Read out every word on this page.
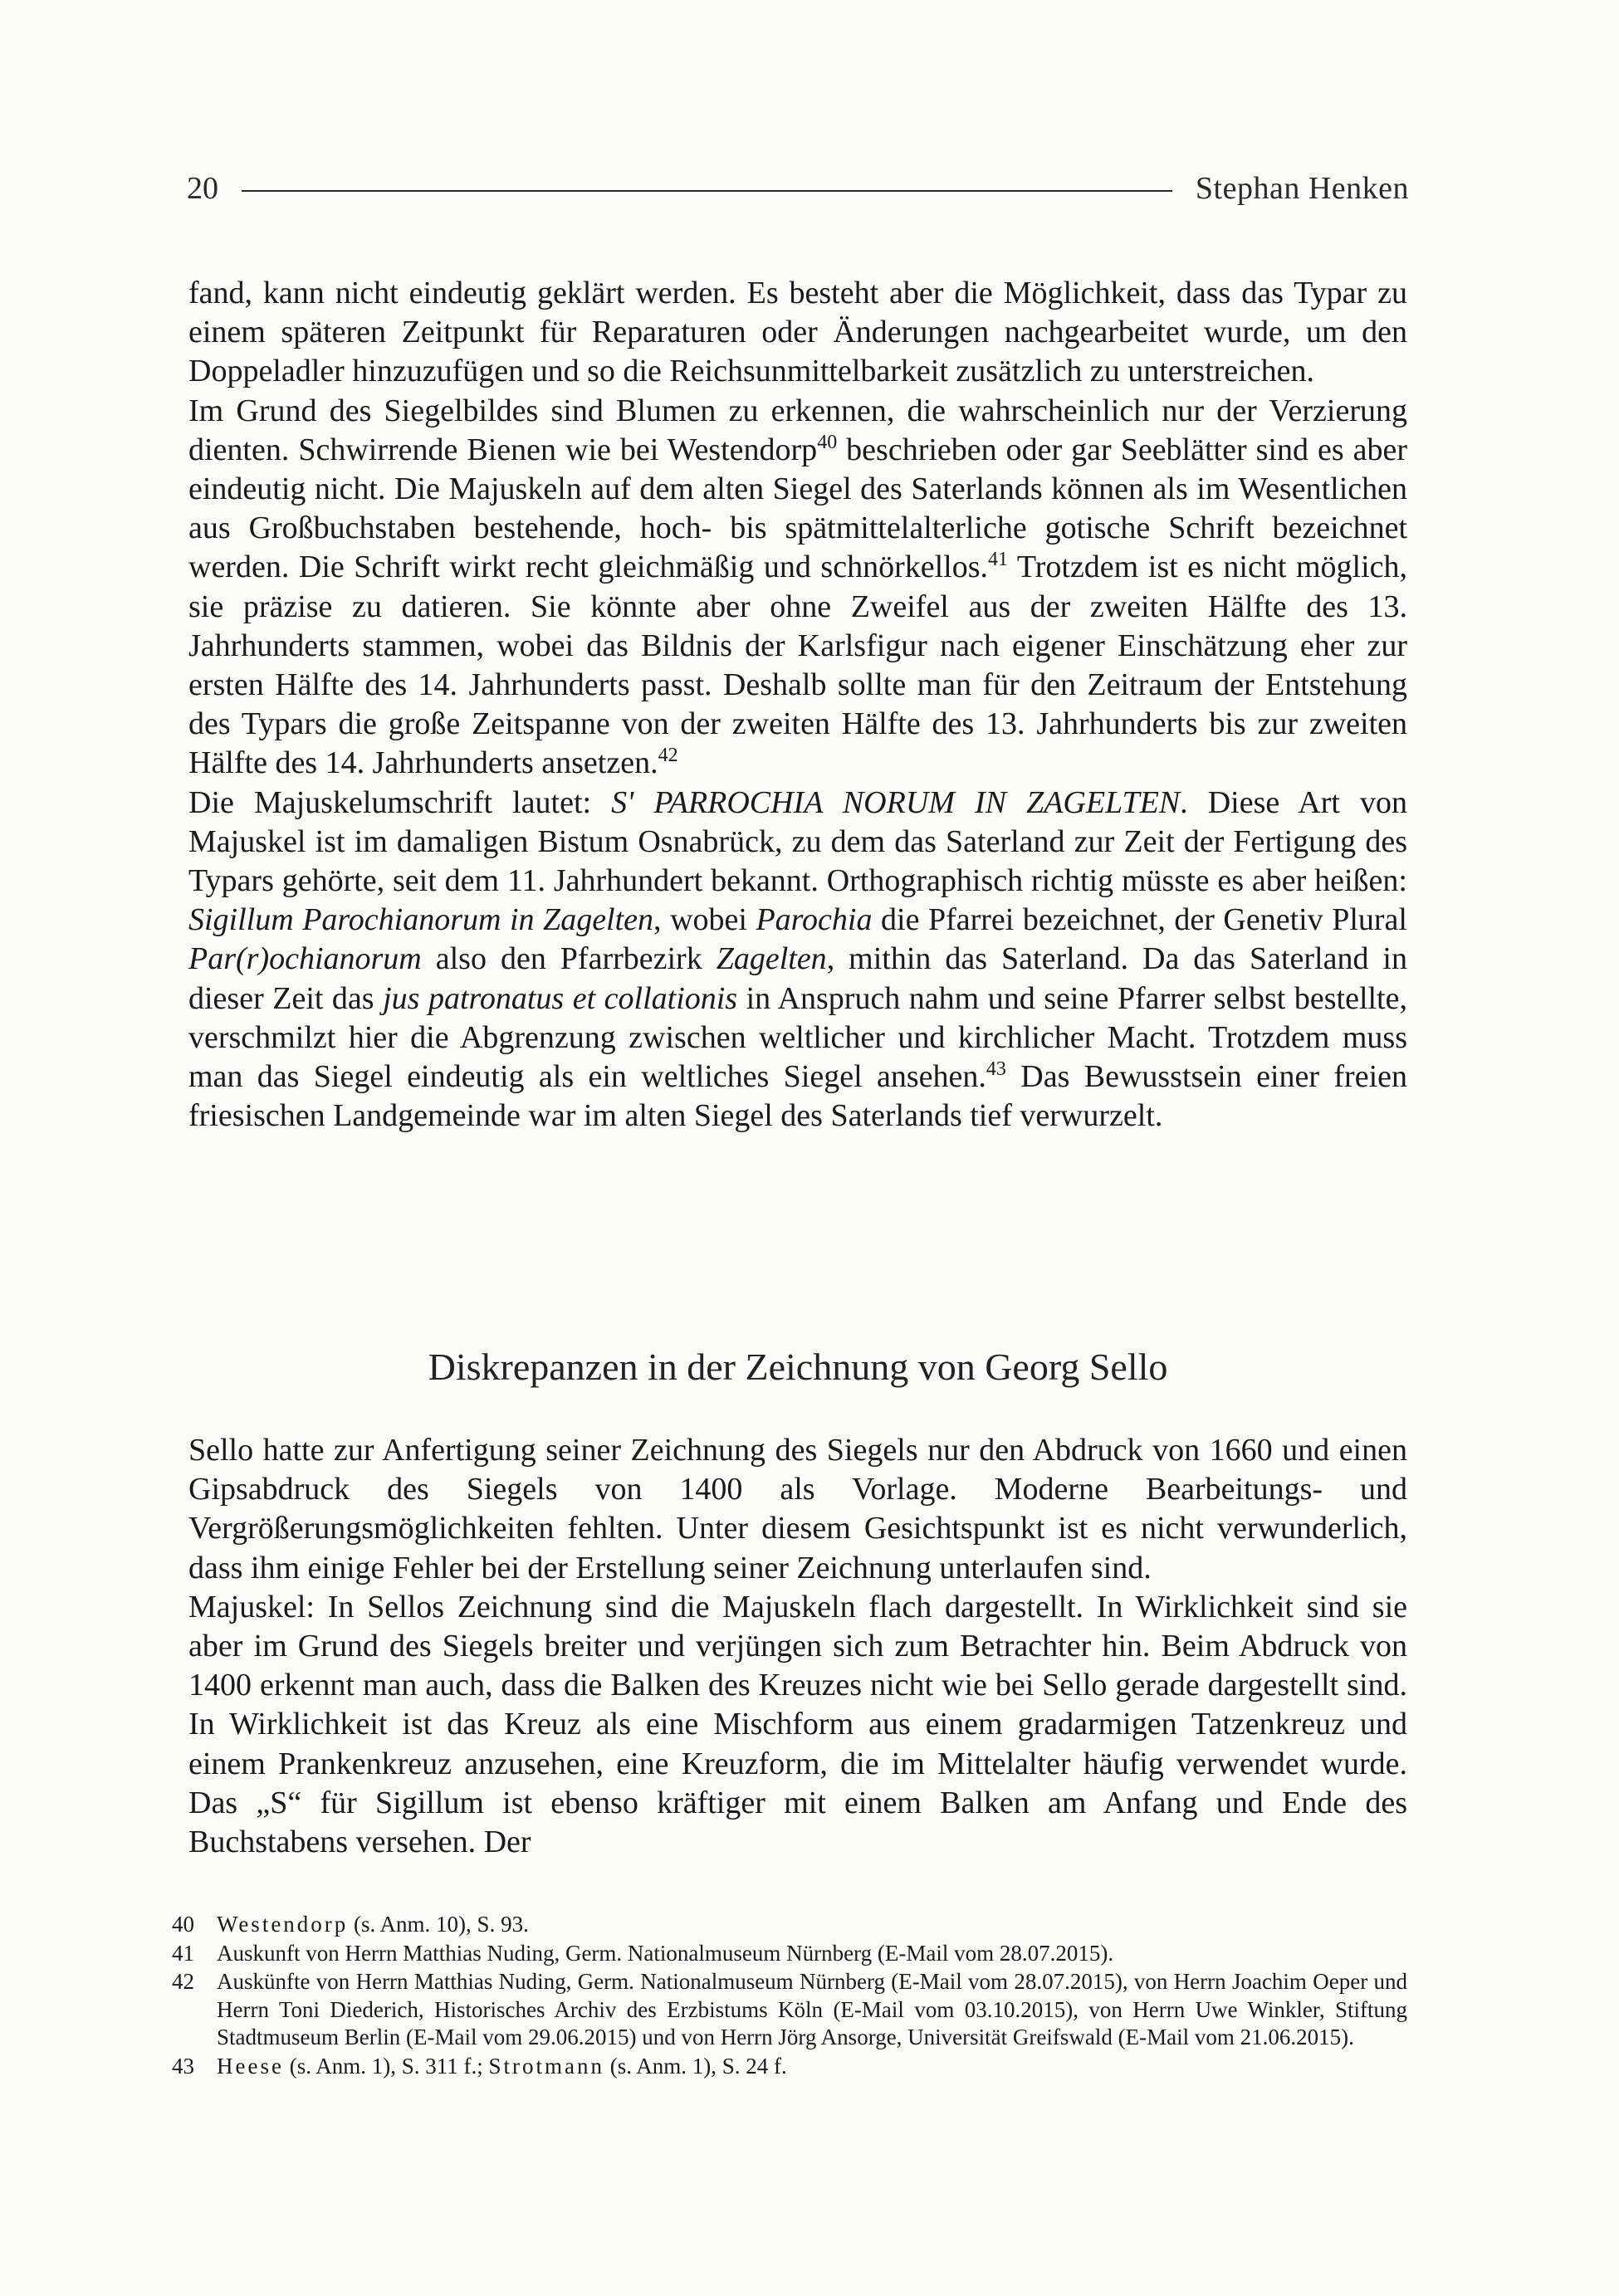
20	Stephan Henken

fand, kann nicht eindeutig geklärt werden. Es besteht aber die Möglichkeit, dass das Typar zu einem späteren Zeitpunkt für Reparaturen oder Änderungen nachgearbeitet wurde, um den Doppeladler hinzuzufügen und so die Reichsunmittelbarkeit zusätzlich zu unterstreichen.

Im Grund des Siegelbildes sind Blumen zu erkennen, die wahrscheinlich nur der Verzierung dienten. Schwirrende Bienen wie bei Westendorp$^{40}$ beschrieben oder gar Seeblätter sind es aber eindeutig nicht. Die Majuskeln auf dem alten Siegel des Saterlands können als im Wesentlichen aus Großbuchstaben bestehende, hoch- bis spätmittelalterliche gotische Schrift bezeichnet werden. Die Schrift wirkt recht gleichmäßig und schnörkellos.$^{41}$ Trotzdem ist es nicht möglich, sie präzise zu datieren. Sie könnte aber ohne Zweifel aus der zweiten Hälfte des 13. Jahrhunderts stammen, wobei das Bildnis der Karlsfigur nach eigener Einschätzung eher zur ersten Hälfte des 14. Jahrhunderts passt. Deshalb sollte man für den Zeitraum der Entstehung des Typars die große Zeitspanne von der zweiten Hälfte des 13. Jahrhunderts bis zur zweiten Hälfte des 14. Jahrhunderts ansetzen.$^{42}$

Die Majuskelumschrift lautet: S' PARROCHIA NORUM IN ZAGELTEN. Diese Art von Majuskel ist im damaligen Bistum Osnabrück, zu dem das Saterland zur Zeit der Fertigung des Typars gehörte, seit dem 11. Jahrhundert bekannt. Orthographisch richtig müsste es aber heißen: Sigillum Parochianorum in Zagelten, wobei Parochia die Pfarrei bezeichnet, der Genetiv Plural Par(r)ochianorum also den Pfarrbezirk Zagelten, mithin das Saterland. Da das Saterland in dieser Zeit das jus patronatus et collationis in Anspruch nahm und seine Pfarrer selbst bestellte, verschmilzt hier die Abgrenzung zwischen weltlicher und kirchlicher Macht. Trotzdem muss man das Siegel eindeutig als ein weltliches Siegel ansehen.$^{43}$ Das Bewusstsein einer freien friesischen Landgemeinde war im alten Siegel des Saterlands tief verwurzelt.

Diskrepanzen in der Zeichnung von Georg Sello

Sello hatte zur Anfertigung seiner Zeichnung des Siegels nur den Abdruck von 1660 und einen Gipsabdruck des Siegels von 1400 als Vorlage. Moderne Bearbeitungs- und Vergrößerungsmöglichkeiten fehlten. Unter diesem Gesichtspunkt ist es nicht verwunderlich, dass ihm einige Fehler bei der Erstellung seiner Zeichnung unterlaufen sind.

Majuskel: In Sellos Zeichnung sind die Majuskeln flach dargestellt. In Wirklichkeit sind sie aber im Grund des Siegels breiter und verjüngen sich zum Betrachter hin. Beim Abdruck von 1400 erkennt man auch, dass die Balken des Kreuzes nicht wie bei Sello gerade dargestellt sind. In Wirklichkeit ist das Kreuz als eine Mischform aus einem gradarmigen Tatzenkreuz und einem Prankenkreuz anzusehen, eine Kreuzform, die im Mittelalter häufig verwendet wurde. Das „S“ für Sigillum ist ebenso kräftiger mit einem Balken am Anfang und Ende des Buchstabens versehen. Der

40	Westendorp (s. Anm. 10), S. 93.
41	Auskunft von Herrn Matthias Nuding, Germ. Nationalmuseum Nürnberg (E-Mail vom 28.07.2015).
42	Auskünfte von Herrn Matthias Nuding, Germ. Nationalmuseum Nürnberg (E-Mail vom 28.07.2015), von Herrn Joachim Oeper und Herrn Toni Diederich, Historisches Archiv des Erzbistums Köln (E-Mail vom 03.10.2015), von Herrn Uwe Winkler, Stiftung Stadtmuseum Berlin (E-Mail vom 29.06.2015) und von Herrn Jörg Ansorge, Universität Greifswald (E-Mail vom 21.06.2015).
43	Heese (s. Anm. 1), S. 311 f.; Strotmann (s. Anm. 1), S. 24 f.
